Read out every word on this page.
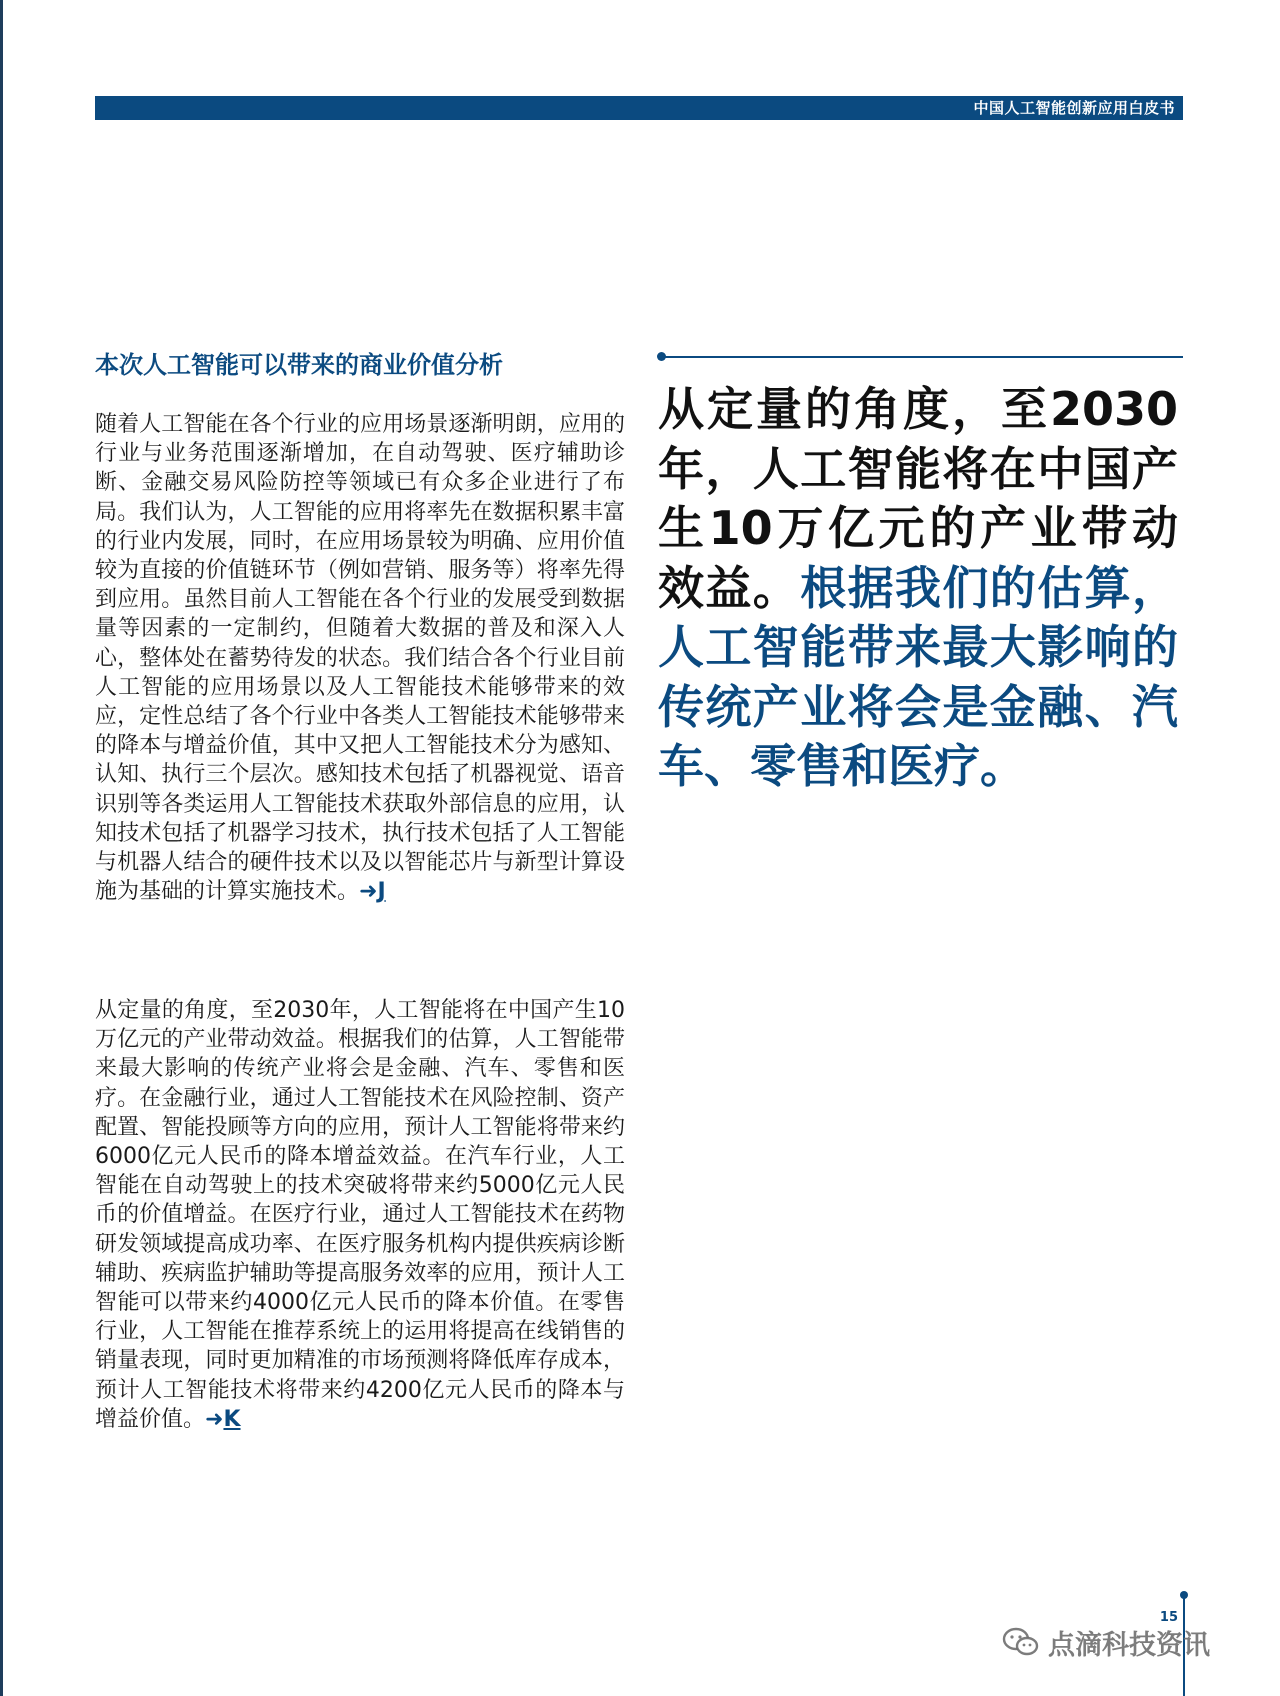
中国人工智能创新应用白皮书
本次人工智能可以带来的商业价值分析
随着人工智能在各个行业的应用场景逐渐明朗，应用的行业与业务范围逐渐增加，在自动驾驶、医疗辅助诊断、金融交易风险防控等领域已有众多企业进行了布局。我们认为，人工智能的应用将率先在数据积累丰富的行业内发展，同时，在应用场景较为明确、应用价值较为直接的价值链环节（例如营销、服务等）将率先得到应用。虽然目前人工智能在各个行业的发展受到数据量等因素的一定制约，但随着大数据的普及和深入人心，整体处在蓄势待发的状态。我们结合各个行业目前人工智能的应用场景以及人工智能技术能够带来的效应，定性总结了各个行业中各类人工智能技术能够带来的降本与增益价值，其中又把人工智能技术分为感知、认知、执行三个层次。感知技术包括了机器视觉、语音识别等各类运用人工智能技术获取外部信息的应用，认知技术包括了机器学习技术，执行技术包括了人工智能与机器人结合的硬件技术以及以智能芯片与新型计算设施为基础的计算实施技术。➜J
从定量的角度，至2030年，人工智能将在中国产生10万亿元的产业带动效益。根据我们的估算，人工智能带来最大影响的传统产业将会是金融、汽车、零售和医疗。在金融行业，通过人工智能技术在风险控制、资产配置、智能投顾等方向的应用，预计人工智能将带来约6000亿元人民币的降本增益效益。在汽车行业，人工智能在自动驾驶上的技术突破将带来约5000亿元人民币的价值增益。在医疗行业，通过人工智能技术在药物研发领域提高成功率、在医疗服务机构内提供疾病诊断辅助、疾病监护辅助等提高服务效率的应用，预计人工智能可以带来约4000亿元人民币的降本价值。在零售行业，人工智能在推荐系统上的运用将提高在线销售的销量表现，同时更加精准的市场预测将降低库存成本，预计人工智能技术将带来约4200亿元人民币的降本与增益价值。➜K
从定量的角度，至2030年，人工智能将在中国产生10万亿元的产业带动效益。根据我们的估算，人工智能带来最大影响的传统产业将会是金融、汽车、零售和医疗。
15
点滴科技资讯
